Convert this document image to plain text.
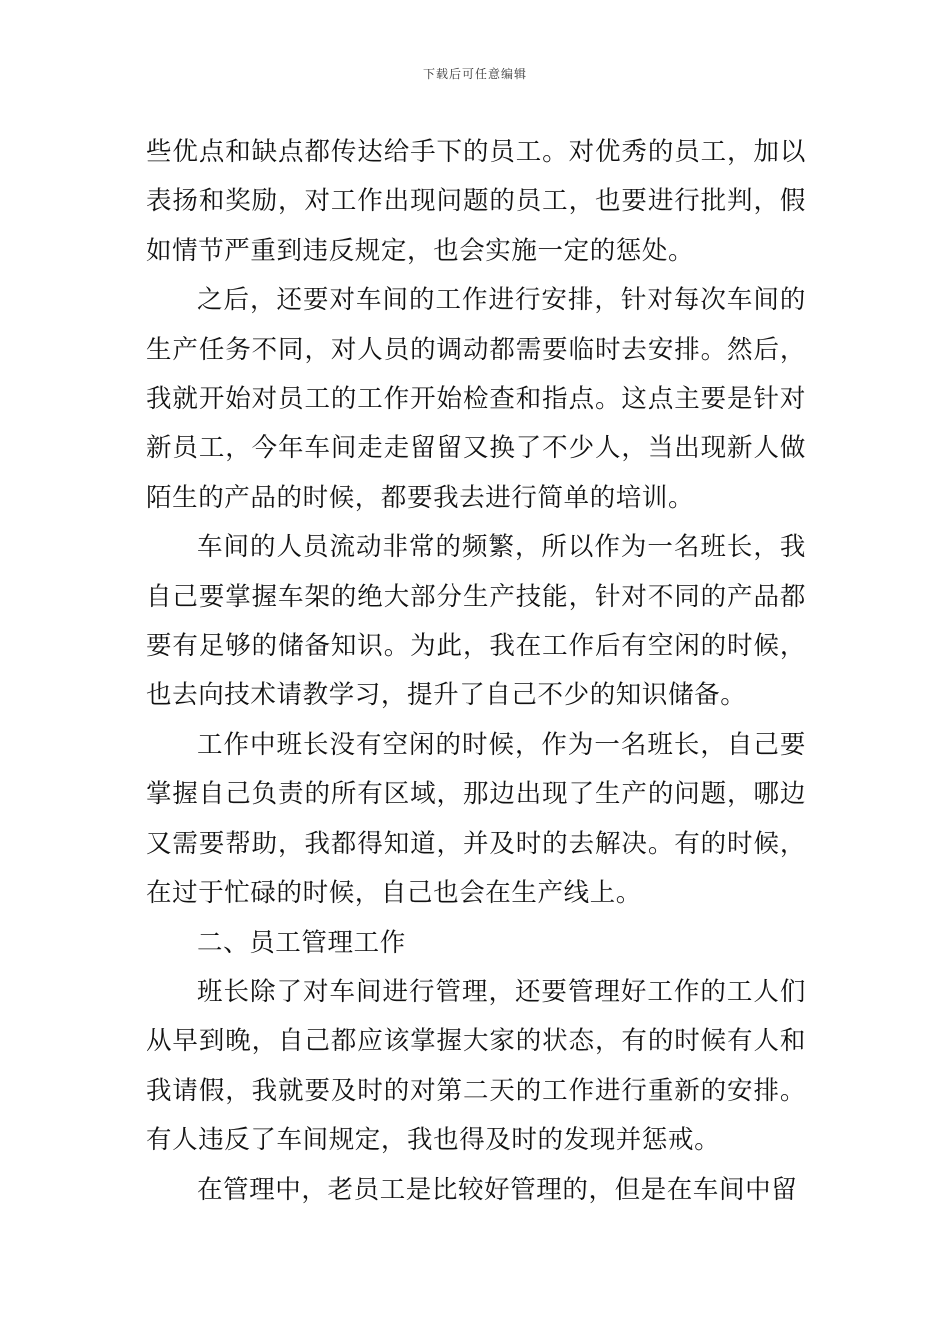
下载后可任意编辑

些优点和缺点都传达给手下的员工。对优秀的员工，加以表扬和奖励，对工作出现问题的员工，也要进行批判，假如情节严重到违反规定，也会实施一定的惩处。

之后，还要对车间的工作进行安排，针对每次车间的生产任务不同，对人员的调动都需要临时去安排。然后，我就开始对员工的工作开始检查和指点。这点主要是针对新员工，今年车间走走留留又换了不少人，当出现新人做陌生的产品的时候，都要我去进行简单的培训。

车间的人员流动非常的频繁，所以作为一名班长，我自己要掌握车架的绝大部分生产技能，针对不同的产品都要有足够的储备知识。为此，我在工作后有空闲的时候，也去向技术请教学习，提升了自己不少的知识储备。

工作中班长没有空闲的时候，作为一名班长，自己要掌握自己负责的所有区域，那边出现了生产的问题，哪边又需要帮助，我都得知道，并及时的去解决。有的时候，在过于忙碌的时候，自己也会在生产线上。

二、员工管理工作

班长除了对车间进行管理，还要管理好工作的工人们从早到晚，自己都应该掌握大家的状态，有的时候有人和我请假，我就要及时的对第二天的工作进行重新的安排。有人违反了车间规定，我也得及时的发现并惩戒。

在管理中，老员工是比较好管理的，但是在车间中留
